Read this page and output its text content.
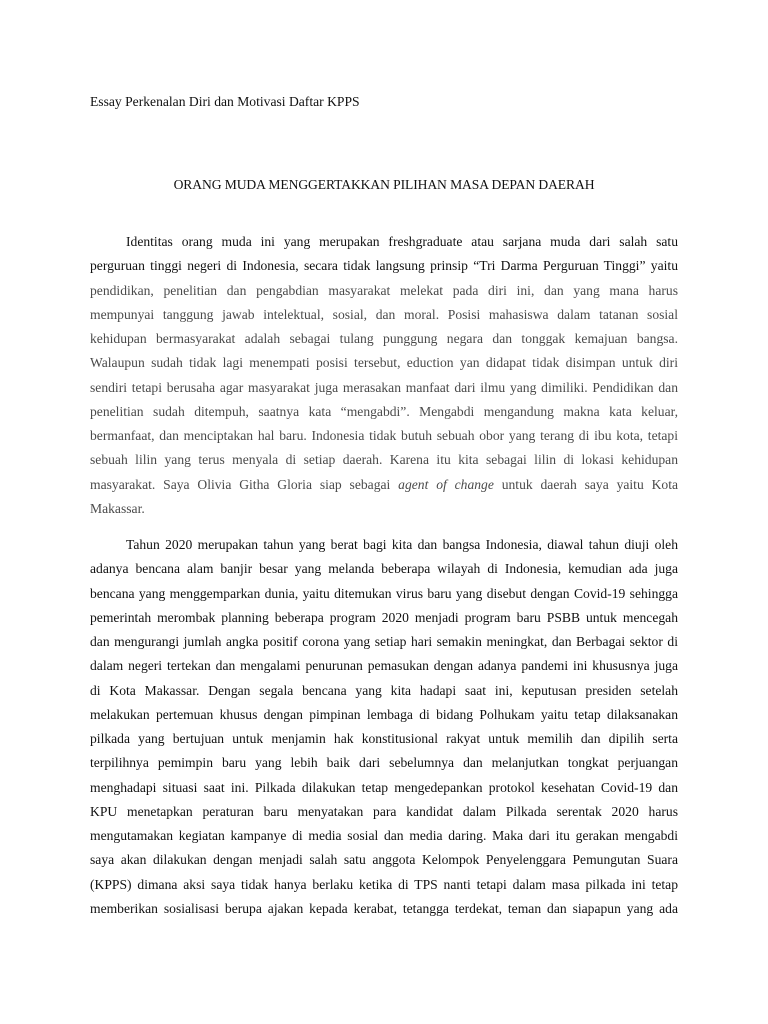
Essay Perkenalan Diri dan Motivasi Daftar KPPS
ORANG MUDA MENGGERTAKKAN PILIHAN MASA DEPAN DAERAH
Identitas orang muda ini yang merupakan freshgraduate atau sarjana muda dari salah satu
perguruan tinggi negeri di Indonesia, secara tidak langsung prinsip “Tri Darma Perguruan Tinggi” yaitu
pendidikan, penelitian dan pengabdian masyarakat melekat pada diri ini, dan yang mana harus
mempunyai tanggung jawab intelektual, sosial, dan moral. Posisi mahasiswa dalam tatanan sosial
kehidupan bermasyarakat adalah sebagai tulang punggung negara dan tonggak kemajuan bangsa.
Walaupun sudah tidak lagi menempati posisi tersebut, eduction yan didapat tidak disimpan untuk diri
sendiri tetapi berusaha agar masyarakat juga merasakan manfaat dari ilmu yang dimiliki. Pendidikan dan
penelitian sudah ditempuh, saatnya kata “mengabdi”. Mengabdi mengandung makna kata keluar,
bermanfaat, dan menciptakan hal baru. Indonesia tidak butuh sebuah obor yang terang di ibu kota, tetapi
sebuah lilin yang terus menyala di setiap daerah. Karena itu kita sebagai lilin di lokasi kehidupan
masyarakat. Saya Olivia Githa Gloria siap sebagai agent of change untuk daerah saya yaitu Kota
Makassar.
Tahun 2020 merupakan tahun yang berat bagi kita dan bangsa Indonesia, diawal tahun diuji oleh
adanya bencana alam banjir besar yang melanda beberapa wilayah di Indonesia, kemudian ada juga
bencana yang menggemparkan dunia, yaitu ditemukan virus baru yang disebut dengan Covid-19 sehingga
pemerintah merombak planning beberapa program 2020 menjadi program baru PSBB untuk mencegah
dan mengurangi jumlah angka positif corona yang setiap hari semakin meningkat, dan Berbagai sektor di
dalam negeri tertekan dan mengalami penurunan pemasukan dengan adanya pandemi ini khususnya juga
di Kota Makassar. Dengan segala bencana yang kita hadapi saat ini, keputusan presiden setelah
melakukan pertemuan khusus dengan pimpinan lembaga di bidang Polhukam yaitu tetap dilaksanakan
pilkada yang bertujuan untuk menjamin hak konstitusional rakyat untuk memilih dan dipilih serta
terpilihnya pemimpin baru yang lebih baik dari sebelumnya dan melanjutkan tongkat perjuangan
menghadapi situasi saat ini. Pilkada dilakukan tetap mengedepankan protokol kesehatan Covid-19 dan
KPU menetapkan peraturan baru menyatakan para kandidat dalam Pilkada serentak 2020 harus
mengutamakan kegiatan kampanye di media sosial dan media daring. Maka dari itu gerakan mengabdi
saya akan dilakukan dengan menjadi salah satu anggota Kelompok Penyelenggara Pemungutan Suara
(KPPS) dimana aksi saya tidak hanya berlaku ketika di TPS nanti tetapi dalam masa pilkada ini tetap
memberikan sosialisasi berupa ajakan kepada kerabat, tetangga terdekat, teman dan siapapun yang ada
